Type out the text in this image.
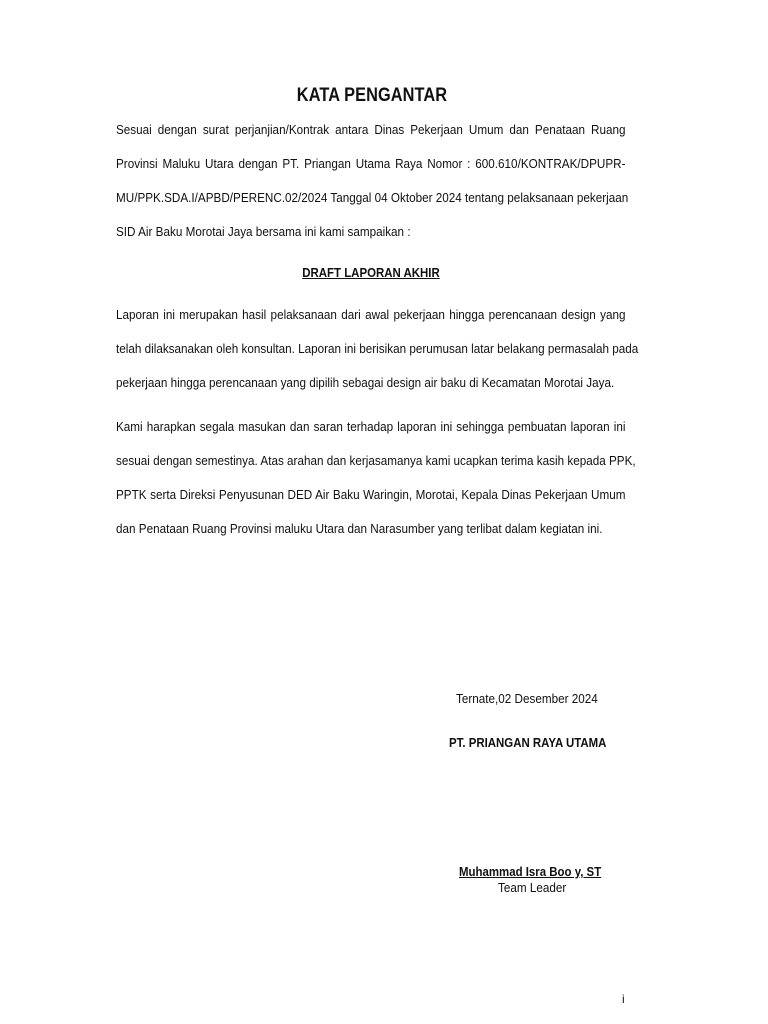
KATA PENGANTAR
Sesuai dengan surat perjanjian/Kontrak antara Dinas Pekerjaan Umum dan Penataan Ruang
Provinsi Maluku Utara dengan PT. Priangan Utama Raya Nomor : 600.610/KONTRAK/DPUPR-
MU/PPK.SDA.I/APBD/PERENC.02/2024 Tanggal 04 Oktober 2024 tentang pelaksanaan pekerjaan
SID Air Baku Morotai Jaya bersama ini kami sampaikan :
DRAFT LAPORAN AKHIR
Laporan ini merupakan hasil pelaksanaan dari awal pekerjaan hingga perencanaan design yang
telah dilaksanakan oleh konsultan. Laporan ini berisikan perumusan latar belakang permasalah pada
pekerjaan hingga perencanaan yang dipilih sebagai design air baku di Kecamatan Morotai Jaya.
Kami harapkan segala masukan dan saran terhadap laporan ini sehingga pembuatan laporan ini
sesuai dengan semestinya. Atas arahan dan kerjasamanya kami ucapkan terima kasih kepada PPK,
PPTK serta Direksi Penyusunan DED Air Baku Waringin, Morotai, Kepala Dinas Pekerjaan Umum
dan Penataan Ruang Provinsi maluku Utara dan Narasumber yang terlibat dalam kegiatan ini.
Ternate,02 Desember 2024
PT. PRIANGAN RAYA UTAMA
Muhammad Isra Boo y, ST
Team Leader
i
